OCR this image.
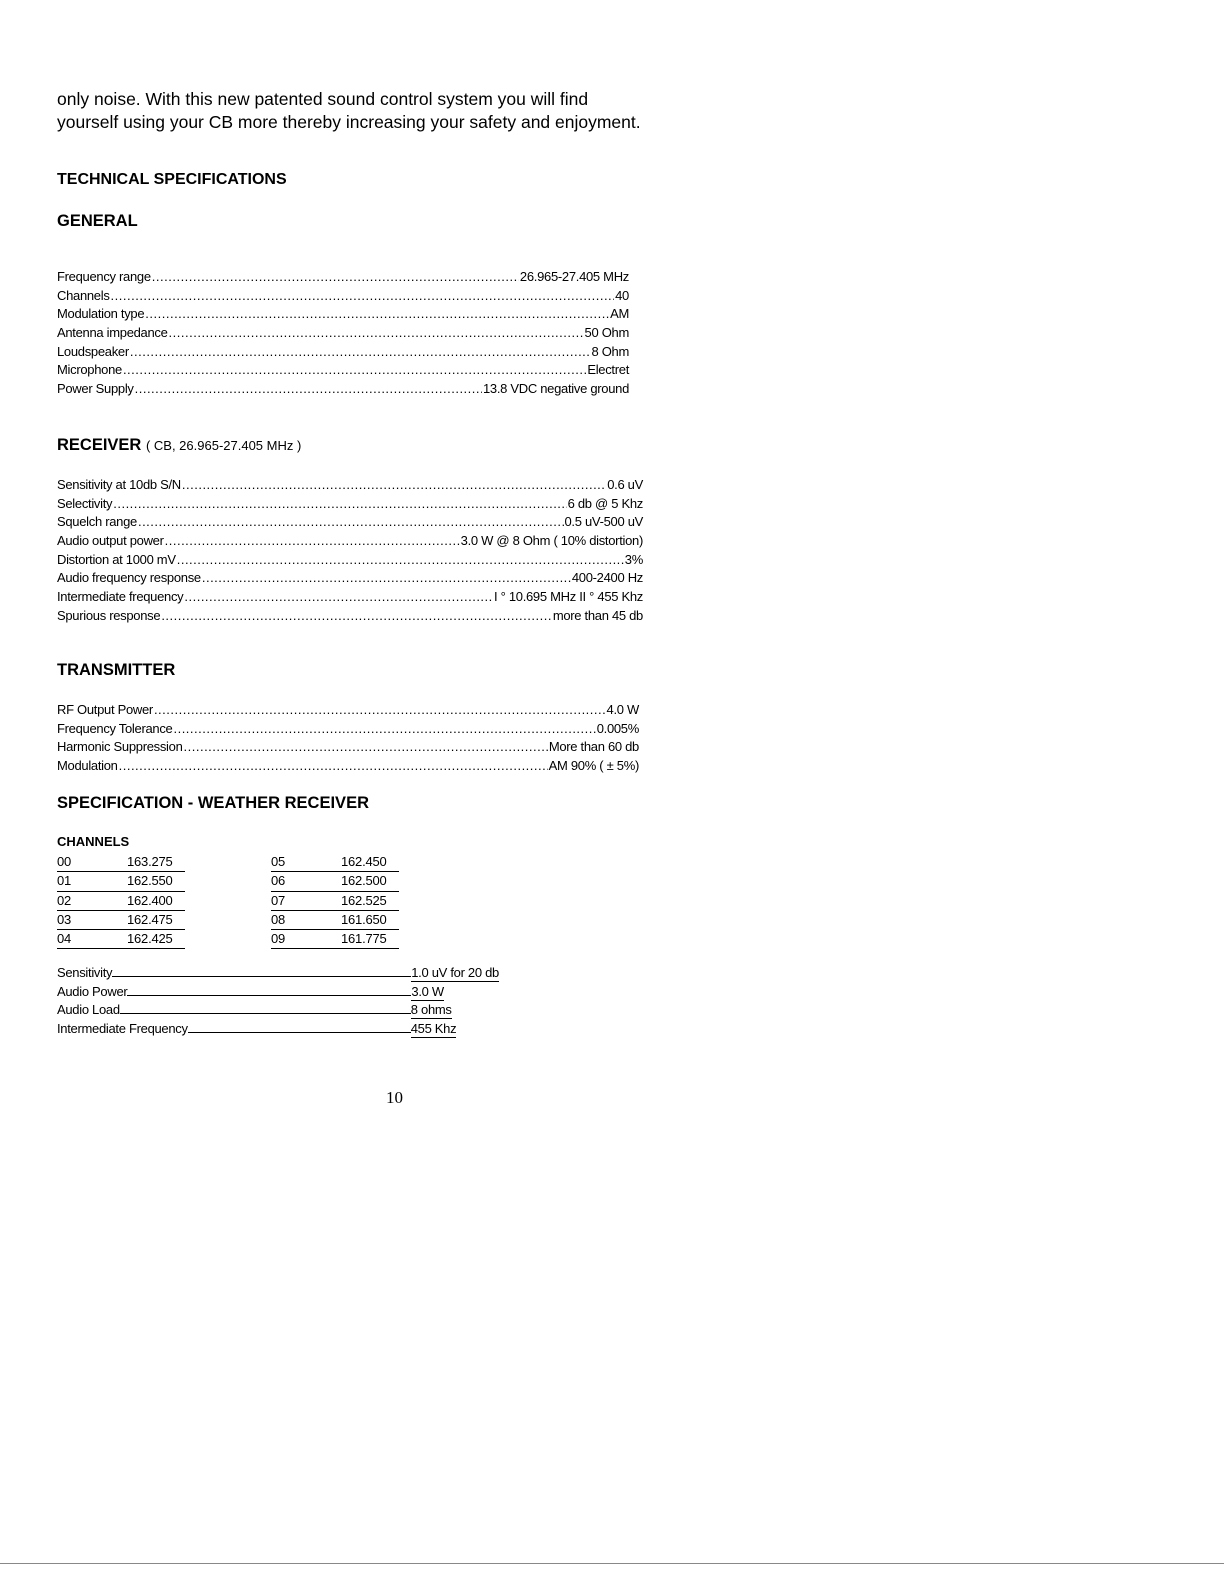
only noise. With this new patented sound control system you will find

yourself using your CB more thereby increasing your safety and enjoyment.

TECHNICAL SPECIFICATIONS
GENERAL
Frequency range .....	26.965-27.405 MHz
Channels .....	40
Modulation type .....	AM
Antenna impedance .....	50 Ohm
Loudspeaker .....	8 Ohm
Microphone .....	Electret
Power Supply .....	13.8 VDC negative ground
RECEIVER ( CB, 26.965-27.405 MHz )
Sensitivity at 10db S/N .....	0.6 uV
Selectivity .....	6 db @ 5 Khz
Squelch range .....	0.5 uV-500 uV
Audio output power .....	3.0 W @ 8 Ohm ( 10% distortion)
Distortion at 1000 mV .....	3%
Audio frequency response .....	400-2400 Hz
Intermediate frequency .....	I ° 10.695 MHz II ° 455 Khz
Spurious response .....	more than 45 db
TRANSMITTER
RF Output Power .....	4.0 W
Frequency Tolerance .....	0.005%
Harmonic Suppression .....	More than 60 db
Modulation .....	AM 90% ( ± 5%)
SPECIFICATION - WEATHER RECEIVER
CHANNELS
00	163.275
01	162.550
02	162.400
03	162.475
04	162.425
05	162.450
06	162.500
07	162.525
08	161.650
09	161.775
Sensitivity	1.0 uV for 20 db
Audio Power	3.0 W
Audio Load	8 ohms
Intermediate Frequency	455 Khz
10
